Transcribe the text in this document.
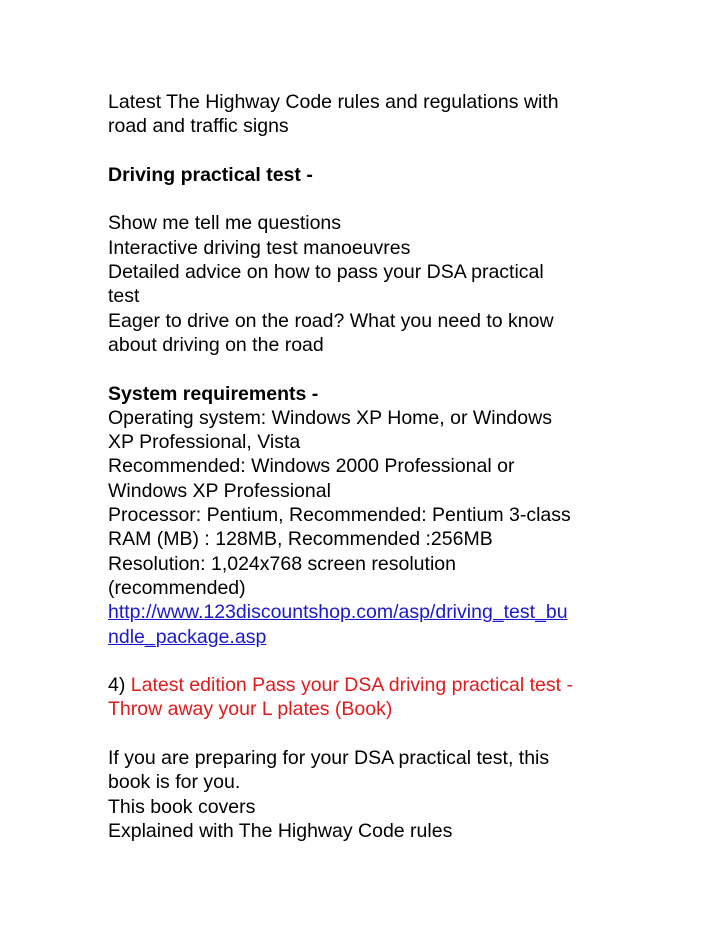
Latest The Highway Code rules and regulations with
road and traffic signs
Driving practical test -
Show me tell me questions
Interactive driving test manoeuvres
Detailed advice on how to pass your DSA practical
test
Eager to drive on the road? What you need to know
about driving on the road
System requirements -
Operating system: Windows XP Home, or Windows
XP Professional, Vista
Recommended: Windows 2000 Professional or
Windows XP Professional
Processor: Pentium, Recommended: Pentium 3-class
RAM (MB) : 128MB, Recommended :256MB
Resolution: 1,024x768 screen resolution
(recommended)
http://www.123discountshop.com/asp/driving_test_bu
ndle_package.asp
4) Latest edition Pass your DSA driving practical test -
Throw away your L plates (Book)
If you are preparing for your DSA practical test, this
book is for you.
This book covers
Explained with The Highway Code rules
